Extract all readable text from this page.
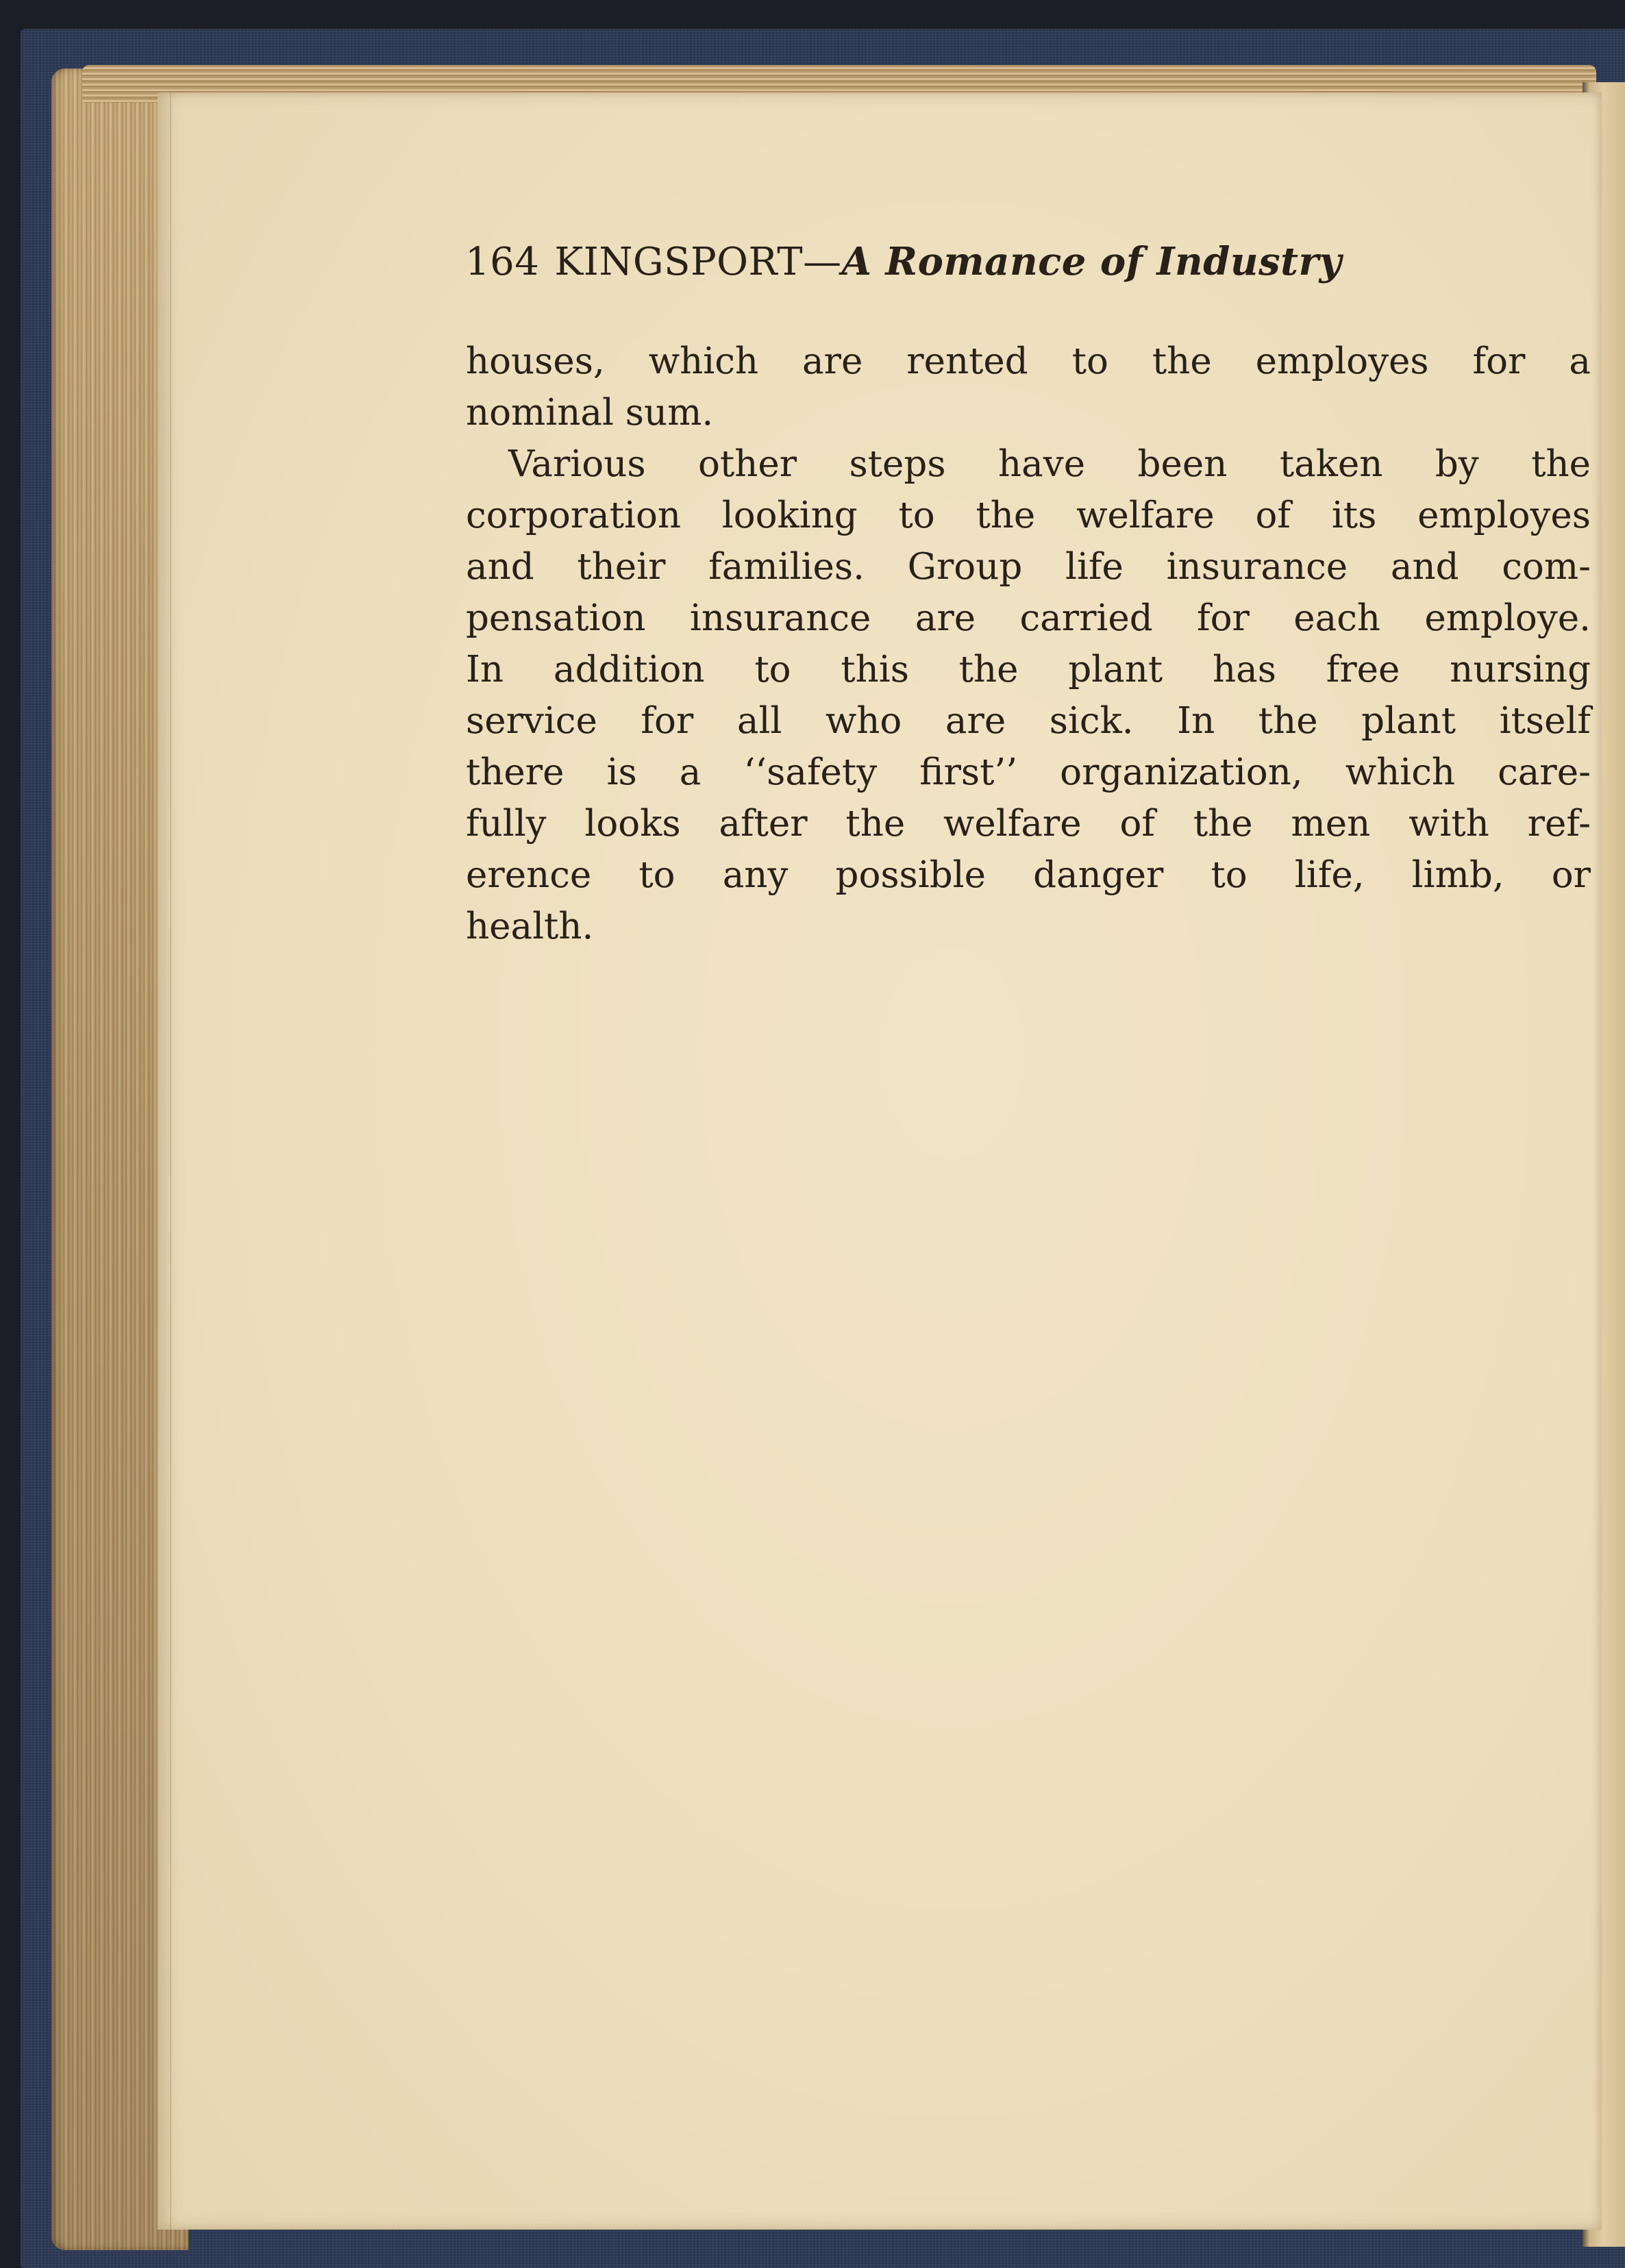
164 KINGSPORT—A Romance of Industry
houses, which are rented to the employes for a
nominal sum.
Various other steps have been taken by the
corporation looking to the welfare of its employes
and their families. Group life insurance and com-
pensation insurance are carried for each employe.
In addition to this the plant has free nursing
service for all who are sick. In the plant itself
there is a ‘‘safety first’’ organization, which care-
fully looks after the welfare of the men with ref-
erence to any possible danger to life, limb, or
health.
